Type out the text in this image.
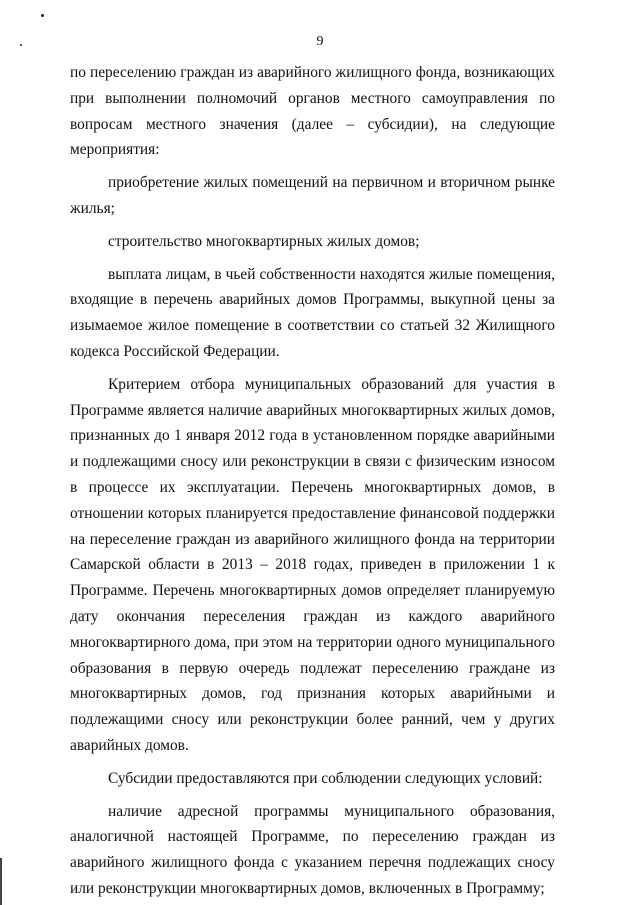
9

по переселению граждан из аварийного жилищного фонда, возникающих при выполнении полномочий органов местного самоуправления по вопросам местного значения (далее – субсидии), на следующие мероприятия:

приобретение жилых помещений на первичном и вторичном рынке жилья;

строительство многоквартирных жилых домов;

выплата лицам, в чьей собственности находятся жилые помещения, входящие в перечень аварийных домов Программы, выкупной цены за изымаемое жилое помещение в соответствии со статьей 32 Жилищного кодекса Российской Федерации.

Критерием отбора муниципальных образований для участия в Программе является наличие аварийных многоквартирных жилых домов, признанных до 1 января 2012 года в установленном порядке аварийными и подлежащими сносу или реконструкции в связи с физическим износом в процессе их эксплуатации. Перечень многоквартирных домов, в отношении которых планируется предоставление финансовой поддержки на переселение граждан из аварийного жилищного фонда на территории Самарской области в 2013 – 2018 годах, приведен в приложении 1 к Программе. Перечень многоквартирных домов определяет планируемую дату окончания переселения граждан из каждого аварийного многоквартирного дома, при этом на территории одного муниципального образования в первую очередь подлежат переселению граждане из многоквартирных домов, год признания которых аварийными и подлежащими сносу или реконструкции более ранний, чем у других аварийных домов.

Субсидии предоставляются при соблюдении следующих условий:

наличие адресной программы муниципального образования, аналогичной настоящей Программе, по переселению граждан из аварийного жилищного фонда с указанием перечня подлежащих сносу или реконструкции многоквартирных домов, включенных в Программу;
